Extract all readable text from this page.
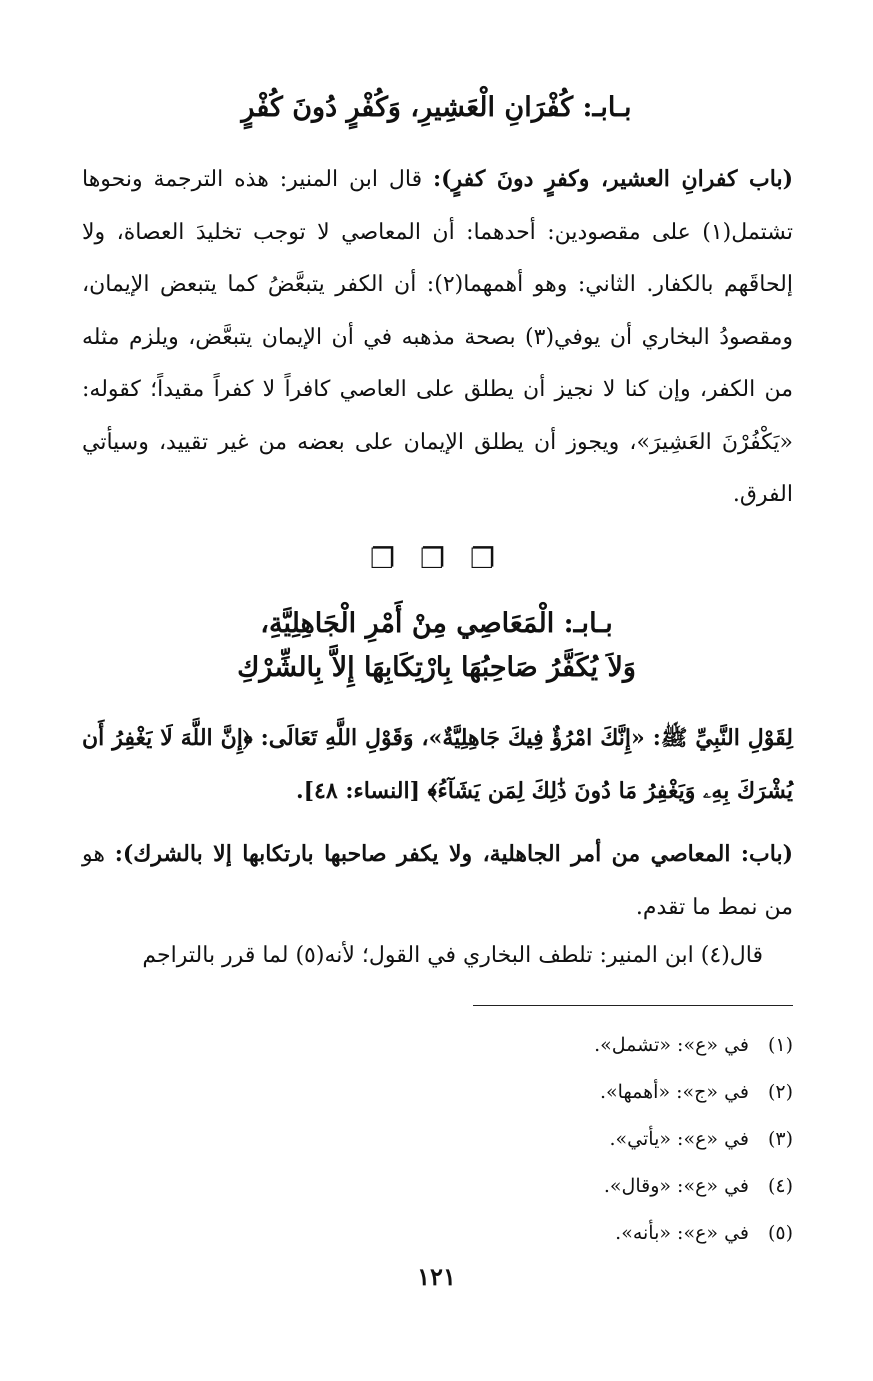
بـابـ: كُفْرَانِ الْعَشِيرِ، وَكُفْرٍ دُونَ كُفْرٍ

(باب كفرانِ العشير، وكفرٍ دونَ كفرٍ): قال ابن المنير: هذه الترجمة ونحوها تشتمل(١) على مقصودين: أحدهما: أن المعاصي لا توجب تخليدَ العصاة، ولا إلحاقَهم بالكفار. الثاني: وهو أهمهما(٢): أن الكفر يتبعَّضُ كما يتبعض الإيمان، ومقصودُ البخاري أن يوفي(٣) بصحة مذهبه في أن الإيمان يتبعَّض، ويلزم مثله من الكفر، وإن كنا لا نجيز أن يطلق على العاصي كافراً لا كفراً مقيداً؛ كقوله: «يَكْفُرْنَ العَشِيرَ»، ويجوز أن يطلق الإيمان على بعضه من غير تقييد، وسيأتي الفرق.

❐ ❐ ❐
بـابـ: الْمَعَاصِي مِنْ أَمْرِ الْجَاهِلِيَّةِ،
وَلاَ يُكَفَّرُ صَاحِبُهَا بِارْتِكَابِهَا إِلاَّ بِالشِّرْكِ

لِقَوْلِ النَّبِيِّ ﷺ: «إِنَّكَ امْرُؤٌ فِيكَ جَاهِلِيَّةٌ»، وَقَوْلِ اللَّهِ تَعَالَى: ﴿إِنَّ اللَّهَ لَا يَغْفِرُ أَن يُشْرَكَ بِهِۦ وَيَغْفِرُ مَا دُونَ ذَٰلِكَ لِمَن يَشَآءُ﴾ [النساء: ٤٨].

(باب: المعاصي من أمر الجاهلية، ولا يكفر صاحبها بارتكابها إلا بالشرك): هو من نمط ما تقدم.

قال(٤) ابن المنير: تلطف البخاري في القول؛ لأنه(٥) لما قرر بالتراجم

(١)في «ع»: «تشمل».
(٢)في «ج»: «أهمها».
(٣)في «ع»: «يأتي».
(٤)في «ع»: «وقال».
(٥)في «ع»: «بأنه».
١٢١
